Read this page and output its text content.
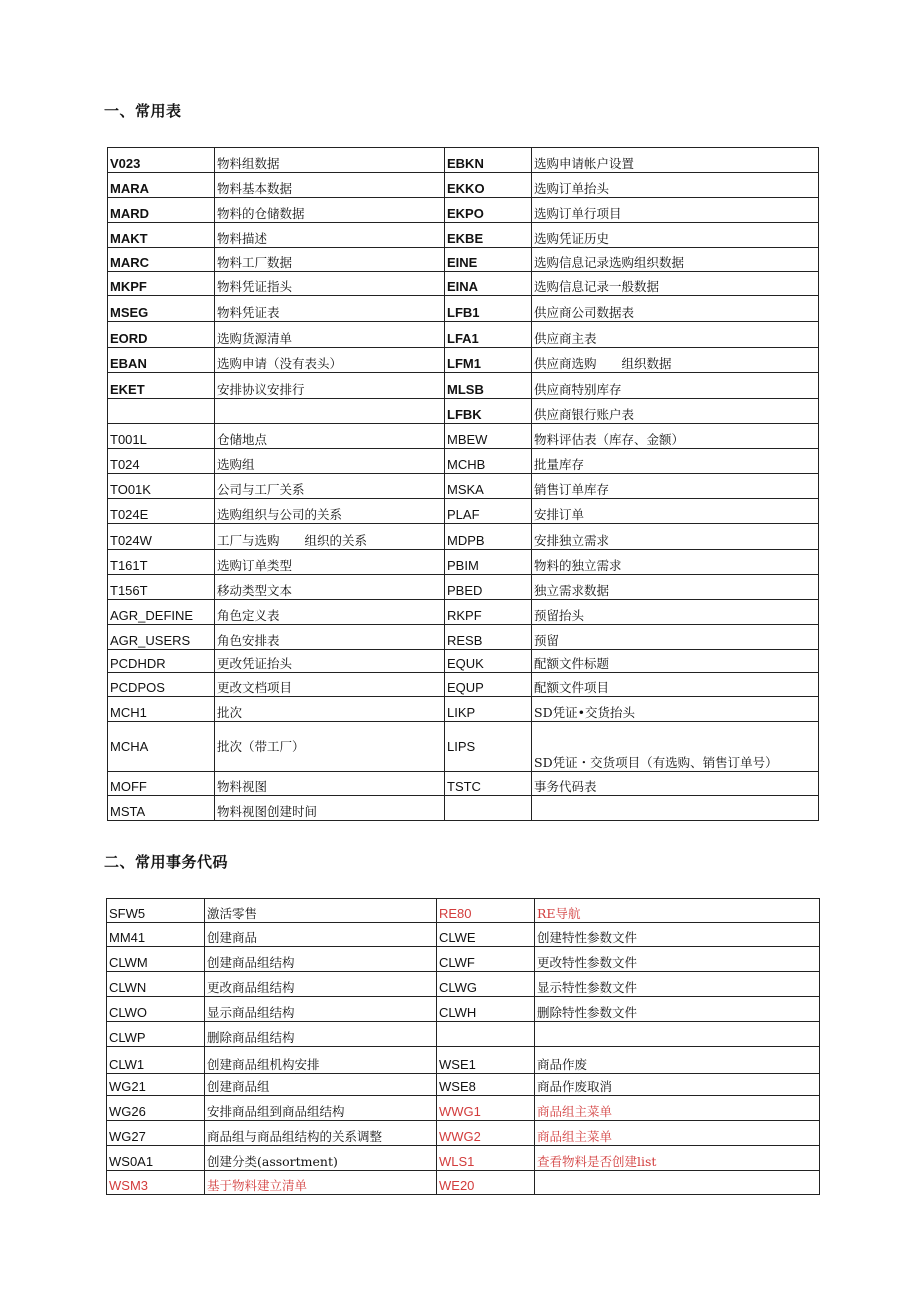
一、常用表
V023	物料组数据	EBKN	选购申请帐户设置
MARA	物料基本数据	EKKO	选购订单抬头
MARD	物料的仓储数据	EKPO	选购订单行项目
MAKT	物料描述	EKBE	选购凭证历史
MARC	物料工厂数据	EINE	选购信息记录选购组织数据
MKPF	物料凭证指头	EINA	选购信息记录一般数据
MSEG	物料凭证表	LFB1	供应商公司数据表
EORD	选购货源清单	LFA1	供应商主表
EBAN	选购申请（没有表头）	LFM1	供应商选购　　组织数据
EKET	安排协议安排行	MLSB	供应商特别库存
		LFBK	供应商银行账户表
T001L	仓储地点	MBEW	物料评估表（库存、金额）
T024	选购组	MCHB	批量库存
TO01K	公司与工厂关系	MSKA	销售订单库存
T024E	选购组织与公司的关系	PLAF	安排订单
T024W	工厂与选购　　组织的关系	MDPB	安排独立需求
T161T	选购订单类型	PBIM	物料的独立需求
T156T	移动类型文本	PBED	独立需求数据
AGR_DEFINE	角色定义表	RKPF	预留抬头
AGR_USERS	角色安排表	RESB	预留
PCDHDR	更改凭证抬头	EQUK	配额文件标题
PCDPOS	更改文档项目	EQUP	配额文件项目
MCH1	批次	LIKP	SD凭证•交货抬头
MCHA	批次（带工厂）	LIPS	SD凭证・交货项目（有选购、销售订单号）
MOFF	物料视图	TSTC	事务代码表
MSTA	物料视图创建时间		
二、常用事务代码
SFW5	激活零售	RE80	RE导航
MM41	创建商品	CLWE	创建特性参数文件
CLWM	创建商品组结构	CLWF	更改特性参数文件
CLWN	更改商品组结构	CLWG	显示特性参数文件
CLWO	显示商品组结构	CLWH	删除特性参数文件
CLWP	删除商品组结构		
CLW1	创建商品组机构安排	WSE1	商品作废
WG21	创建商品组	WSE8	商品作废取消
WG26	安排商品组到商品组结构	WWG1	商品组主菜单
WG27	商品组与商品组结构的关系调整	WWG2	商品组主菜单
WS0A1	创建分类(assortment)	WLS1	查看物料是否创建list
WSM3	基于物料建立清单	WE20	
